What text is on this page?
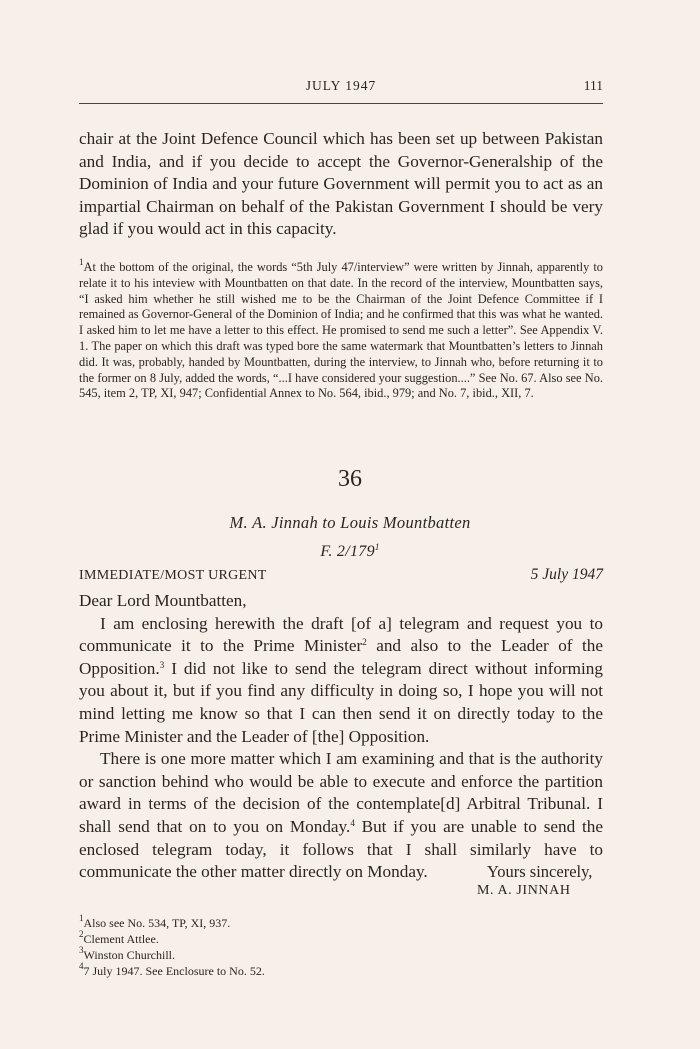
JULY 1947	111

chair at the Joint Defence Council which has been set up between Pakistan and India, and if you decide to accept the Governor-Generalship of the Dominion of India and your future Government will permit you to act as an impartial Chairman on behalf of the Pakistan Government I should be very glad if you would act in this capacity.

$^1$At the bottom of the original, the words “5th July 47/interview” were written by Jinnah, apparently to relate it to his inteview with Mountbatten on that date. In the record of the interview, Mountbatten says, “I asked him whether he still wished me to be the Chairman of the Joint Defence Committee if I remained as Governor-General of the Dominion of India; and he confirmed that this was what he wanted. I asked him to let me have a letter to this effect. He promised to send me such a letter”. See Appendix V. 1. The paper on which this draft was typed bore the same watermark that Mountbatten’s letters to Jinnah did. It was, probably, handed by Mountbatten, during the interview, to Jinnah who, before returning it to the former on 8 July, added the words, “...I have considered your suggestion....” See No. 67. Also see No. 545, item 2, TP, XI, 947; Confidential Annex to No. 564, ibid., 979; and No. 7, ibid., XII, 7.

36
M. A. Jinnah to Louis Mountbatten
F. $2/179^1$
IMMEDIATE/MOST URGENT	5 July 1947

Dear Lord Mountbatten,

I am enclosing herewith the draft [of a] telegram and request you to communicate it to the Prime Minister$^2$ and also to the Leader of the Opposition.$^3$ I did not like to send the telegram direct without informing you about it, but if you find any difficulty in doing so, I hope you will not mind letting me know so that I can then send it on directly today to the Prime Minister and the Leader of [the] Opposition.

There is one more matter which I am examining and that is the authority or sanction behind who would be able to execute and enforce the partition award in terms of the decision of the contemplate[d] Arbitral Tribunal. I shall send that on to you on Monday.$^4$ But if you are unable to send the enclosed telegram today, it follows that I shall similarly have to communicate the other matter directly on Monday.	Yours sincerely,
M. A. JINNAH
$^1$Also see No. 534, TP, XI, 937.
$^2$Clement Attlee.
$^3$Winston Churchill.
$^4$7 July 1947. See Enclosure to No. 52.
